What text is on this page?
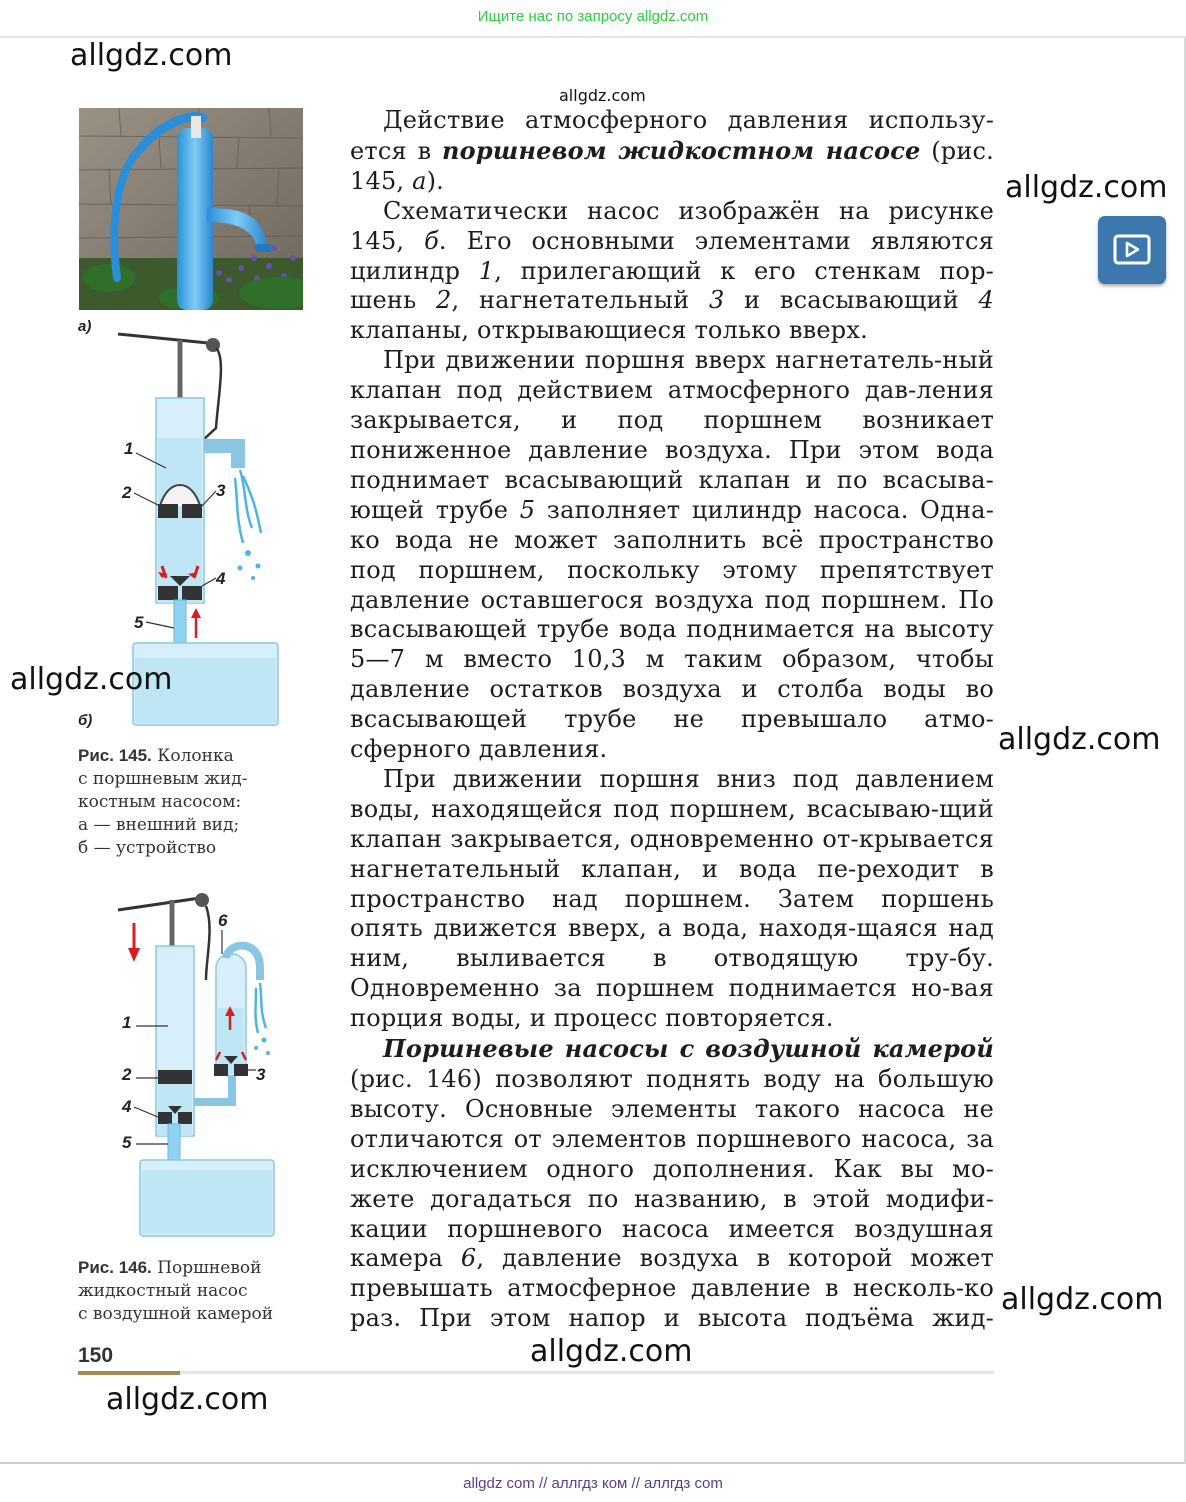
Ищите нас по запросу allgdz.com
allgdz.com
allgdz.com
allgdz.com
allgdz.com
allgdz.com
allgdz.com
allgdz.com
allgdz.com
а)
1
2	3
4
5
б)
Рис. 145. Колонка
с поршневым жид-
костным насосом:
а — внешний вид;
б — устройство
1
2	3
4
5
6
Рис. 146. Поршневой
жидкостный насос
с воздушной камерой

Действие атмосферного давления использу-ется в поршневом жидкостном насосе (рис. 145, а).

Схематически насос изображён на рисунке 145, б. Его основными элементами являются цилиндр 1, прилегающий к его стенкам пор-шень 2, нагнетательный 3 и всасывающий 4 клапаны, открывающиеся только вверх.

При движении поршня вверх нагнетатель-ный клапан под действием атмосферного дав-ления закрывается, и под поршнем возникает пониженное давление воздуха. При этом вода поднимает всасывающий клапан и по всасыва-ющей трубе 5 заполняет цилиндр насоса. Одна-ко вода не может заполнить всё пространство под поршнем, поскольку этому препятствует давление оставшегося воздуха под поршнем. По всасывающей трубе вода поднимается на высоту 5—7 м вместо 10,3 м таким образом, чтобы давление остатков воздуха и столба воды во всасывающей трубе не превышало атмо-сферного давления.

При движении поршня вниз под давлением воды, находящейся под поршнем, всасываю-щий клапан закрывается, одновременно от-крывается нагнетательный клапан, и вода пе-реходит в пространство над поршнем. Затем поршень опять движется вверх, а вода, находя-щаяся над ним, выливается в отводящую тру-бу. Одновременно за поршнем поднимается но-вая порция воды, и процесс повторяется.

Поршневые насосы с воздушной камерой (рис. 146) позволяют поднять воду на большую высоту. Основные элементы такого насоса не отличаются от элементов поршневого насоса, за исключением одного дополнения. Как вы мо-жете догадаться по названию, в этой модифи-кации поршневого насоса имеется воздушная камера 6, давление воздуха в которой может превышать атмосферное давление в несколь-ко раз. При этом напор и высота подъёма жид-

150
allgdz com // аллгдз ком // аллгдз com
